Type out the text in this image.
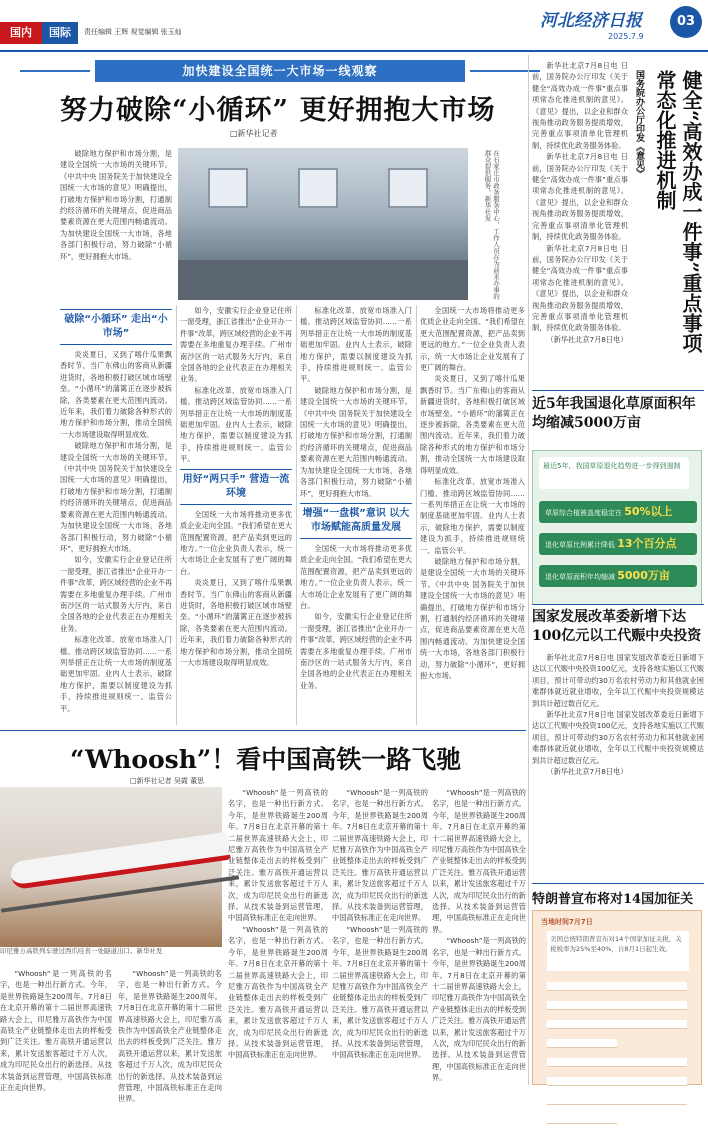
国内	国际	责任编辑 王辉 视觉编辑 张玉灿
河北经济日报
2025.7.9
03
加快建设全国统一大市场一线观察
努力破除“小循环” 更好拥抱大市场
□新华社记者

破除地方保护和市场分割，是建设全国统一大市场的关键环节。《中共中央 国务院关于加快建设全国统一大市场的意见》明确提出，打破地方保护和市场分割，打通制约经济循环的关键堵点，促进商品要素资源在更大范围内畅通流动。为加快建设全国统一大市场，各地各部门积极行动，努力破除“小循环”，更好拥抱大市场。	在石家庄市政务服务中心，工作人员在为前来办事的群众提供服务。新华社发
破除“小循环” 走出“小市场”

炎炎夏日，又到了喀什瓜果飘香时节。当广东佛山的客商从新疆进货时，各地积极打破区域市场壁垒。“小循环”的藩篱正在逐步被拆除，各类要素在更大范围内流动。近年来，我们着力破除各种形式的地方保护和市场分割，推动全国统一大市场建设取得明显成效。

破除地方保护和市场分割，是建设全国统一大市场的关键环节。《中共中央 国务院关于加快建设全国统一大市场的意见》明确提出，打破地方保护和市场分割，打通制约经济循环的关键堵点，促进商品要素资源在更大范围内畅通流动。为加快建设全国统一大市场，各地各部门积极行动，努力破除“小循环”，更好拥抱大市场。

如今，安徽实行企业登记住所一窗受理，浙江省推出“企业开办一件事”改革，跨区域经营的企业不再需要在多地重复办理手续。广州市南沙区的一站式服务大厅内，来自全国各地的企业代表正在办理相关业务。

标准化改革、放宽市场准入门槛、推动跨区域监管协同……一系列举措正在让统一大市场的制度基础更加牢固。业内人士表示，破除地方保护，需要以制度建设为抓手，持续推进规则统一、监管公平。

如今，安徽实行企业登记住所一窗受理，浙江省推出“企业开办一件事”改革，跨区域经营的企业不再需要在多地重复办理手续。广州市南沙区的一站式服务大厅内，来自全国各地的企业代表正在办理相关业务。

标准化改革、放宽市场准入门槛、推动跨区域监管协同……一系列举措正在让统一大市场的制度基础更加牢固。业内人士表示，破除地方保护，需要以制度建设为抓手，持续推进规则统一、监管公平。

用好“两只手” 营造一流环境

全国统一大市场将推动更多优质企业走向全国。“我们希望在更大范围配置资源，把产品卖到更远的地方。”一位企业负责人表示，统一大市场让企业发展有了更广阔的舞台。

炎炎夏日，又到了喀什瓜果飘香时节。当广东佛山的客商从新疆进货时，各地积极打破区域市场壁垒。“小循环”的藩篱正在逐步被拆除，各类要素在更大范围内流动。近年来，我们着力破除各种形式的地方保护和市场分割，推动全国统一大市场建设取得明显成效。

标准化改革、放宽市场准入门槛、推动跨区域监管协同……一系列举措正在让统一大市场的制度基础更加牢固。业内人士表示，破除地方保护，需要以制度建设为抓手，持续推进规则统一、监管公平。

破除地方保护和市场分割，是建设全国统一大市场的关键环节。《中共中央 国务院关于加快建设全国统一大市场的意见》明确提出，打破地方保护和市场分割，打通制约经济循环的关键堵点，促进商品要素资源在更大范围内畅通流动。为加快建设全国统一大市场，各地各部门积极行动，努力破除“小循环”，更好拥抱大市场。

增强“一盘棋”意识 以大市场赋能高质量发展

全国统一大市场将推动更多优质企业走向全国。“我们希望在更大范围配置资源，把产品卖到更远的地方。”一位企业负责人表示，统一大市场让企业发展有了更广阔的舞台。

如今，安徽实行企业登记住所一窗受理，浙江省推出“企业开办一件事”改革，跨区域经营的企业不再需要在多地重复办理手续。广州市南沙区的一站式服务大厅内，来自全国各地的企业代表正在办理相关业务。

全国统一大市场将推动更多优质企业走向全国。“我们希望在更大范围配置资源，把产品卖到更远的地方。”一位企业负责人表示，统一大市场让企业发展有了更广阔的舞台。

炎炎夏日，又到了喀什瓜果飘香时节。当广东佛山的客商从新疆进货时，各地积极打破区域市场壁垒。“小循环”的藩篱正在逐步被拆除，各类要素在更大范围内流动。近年来，我们着力破除各种形式的地方保护和市场分割，推动全国统一大市场建设取得明显成效。

标准化改革、放宽市场准入门槛、推动跨区域监管协同……一系列举措正在让统一大市场的制度基础更加牢固。业内人士表示，破除地方保护，需要以制度建设为抓手，持续推进规则统一、监管公平。

破除地方保护和市场分割，是建设全国统一大市场的关键环节。《中共中央 国务院关于加快建设全国统一大市场的意见》明确提出，打破地方保护和市场分割，打通制约经济循环的关键堵点，促进商品要素资源在更大范围内畅通流动。为加快建设全国统一大市场，各地各部门积极行动，努力破除“小循环”，更好拥抱大市场。

“Whoosh”！看中国高铁一路飞驰
□新华社记者 吴霞 董思
印尼雅万高铁列车驶过西爪哇省一处隧道出口。新华社发

“Whoosh”是一列高铁的名字，也是一种出行新方式。今年，是世界铁路诞生200周年。7月8日在北京开幕的第十二届世界高速铁路大会上，印尼雅万高铁作为中国高铁全产业链整体走出去的样板受到广泛关注。雅万高铁开通运营以来，累计发送旅客超过千万人次，成为印尼民众出行的新选择。从技术装备到运营管理，中国高铁标准正在走向世界。

“Whoosh”是一列高铁的名字，也是一种出行新方式。今年，是世界铁路诞生200周年。7月8日在北京开幕的第十二届世界高速铁路大会上，印尼雅万高铁作为中国高铁全产业链整体走出去的样板受到广泛关注。雅万高铁开通运营以来，累计发送旅客超过千万人次，成为印尼民众出行的新选择。从技术装备到运营管理，中国高铁标准正在走向世界。

“Whoosh”是一列高铁的名字，也是一种出行新方式。今年，是世界铁路诞生200周年。7月8日在北京开幕的第十二届世界高速铁路大会上，印尼雅万高铁作为中国高铁全产业链整体走出去的样板受到广泛关注。雅万高铁开通运营以来，累计发送旅客超过千万人次，成为印尼民众出行的新选择。从技术装备到运营管理，中国高铁标准正在走向世界。

“Whoosh”是一列高铁的名字，也是一种出行新方式。今年，是世界铁路诞生200周年。7月8日在北京开幕的第十二届世界高速铁路大会上，印尼雅万高铁作为中国高铁全产业链整体走出去的样板受到广泛关注。雅万高铁开通运营以来，累计发送旅客超过千万人次，成为印尼民众出行的新选择。从技术装备到运营管理，中国高铁标准正在走向世界。

“Whoosh”是一列高铁的名字，也是一种出行新方式。今年，是世界铁路诞生200周年。7月8日在北京开幕的第十二届世界高速铁路大会上，印尼雅万高铁作为中国高铁全产业链整体走出去的样板受到广泛关注。雅万高铁开通运营以来，累计发送旅客超过千万人次，成为印尼民众出行的新选择。从技术装备到运营管理，中国高铁标准正在走向世界。

“Whoosh”是一列高铁的名字，也是一种出行新方式。今年，是世界铁路诞生200周年。7月8日在北京开幕的第十二届世界高速铁路大会上，印尼雅万高铁作为中国高铁全产业链整体走出去的样板受到广泛关注。雅万高铁开通运营以来，累计发送旅客超过千万人次，成为印尼民众出行的新选择。从技术装备到运营管理，中国高铁标准正在走向世界。

“Whoosh”是一列高铁的名字，也是一种出行新方式。今年，是世界铁路诞生200周年。7月8日在北京开幕的第十二届世界高速铁路大会上，印尼雅万高铁作为中国高铁全产业链整体走出去的样板受到广泛关注。雅万高铁开通运营以来，累计发送旅客超过千万人次，成为印尼民众出行的新选择。从技术装备到运营管理，中国高铁标准正在走向世界。

“Whoosh”是一列高铁的名字，也是一种出行新方式。今年，是世界铁路诞生200周年。7月8日在北京开幕的第十二届世界高速铁路大会上，印尼雅万高铁作为中国高铁全产业链整体走出去的样板受到广泛关注。雅万高铁开通运营以来，累计发送旅客超过千万人次，成为印尼民众出行的新选择。从技术装备到运营管理，中国高铁标准正在走向世界。

国务院办公厅印发《意见》	健全“高效办成一件事”重点事项常态化推进机制

新华社北京7月8日电 日前，国务院办公厅印发《关于健全“高效办成一件事”重点事项常态化推进机制的意见》。《意见》提出，以企业和群众视角推动政务服务提质增效，完善重点事项清单化管理机制，持续优化政务服务体验。

新华社北京7月8日电 日前，国务院办公厅印发《关于健全“高效办成一件事”重点事项常态化推进机制的意见》。《意见》提出，以企业和群众视角推动政务服务提质增效，完善重点事项清单化管理机制，持续优化政务服务体验。

新华社北京7月8日电 日前，国务院办公厅印发《关于健全“高效办成一件事”重点事项常态化推进机制的意见》。《意见》提出，以企业和群众视角推动政务服务提质增效，完善重点事项清单化管理机制，持续优化政务服务体验。

（新华社北京7月8日电）

近5年我国退化草原面积年均缩减5000万亩
最近5年，我国草原退化趋势进一步得到遏制
草原综合植被盖度稳定在 50%以上
退化草原比例累计降低 13个百分点
退化草原面积年均缩减 5000万亩
国家发展改革委新增下达100亿元以工代赈中央投资

新华社北京7月8日电 国家发展改革委近日新增下达以工代赈中央投资100亿元，支持各地实施以工代赈项目，预计可带动约30万名农村劳动力和其他就业困难群体就近就业增收，全年以工代赈中央投资规模达到共计超过数百亿元。

新华社北京7月8日电 国家发展改革委近日新增下达以工代赈中央投资100亿元，支持各地实施以工代赈项目，预计可带动约30万名农村劳动力和其他就业困难群体就近就业增收，全年以工代赈中央投资规模达到共计超过数百亿元。

（新华社北京7月8日电）

特朗普宣布将对14国加征关
当地时间7月7日
美国总统特朗普宣布对14个国家加征关税，关税税率为25%至40%，自8月1日起生效。
